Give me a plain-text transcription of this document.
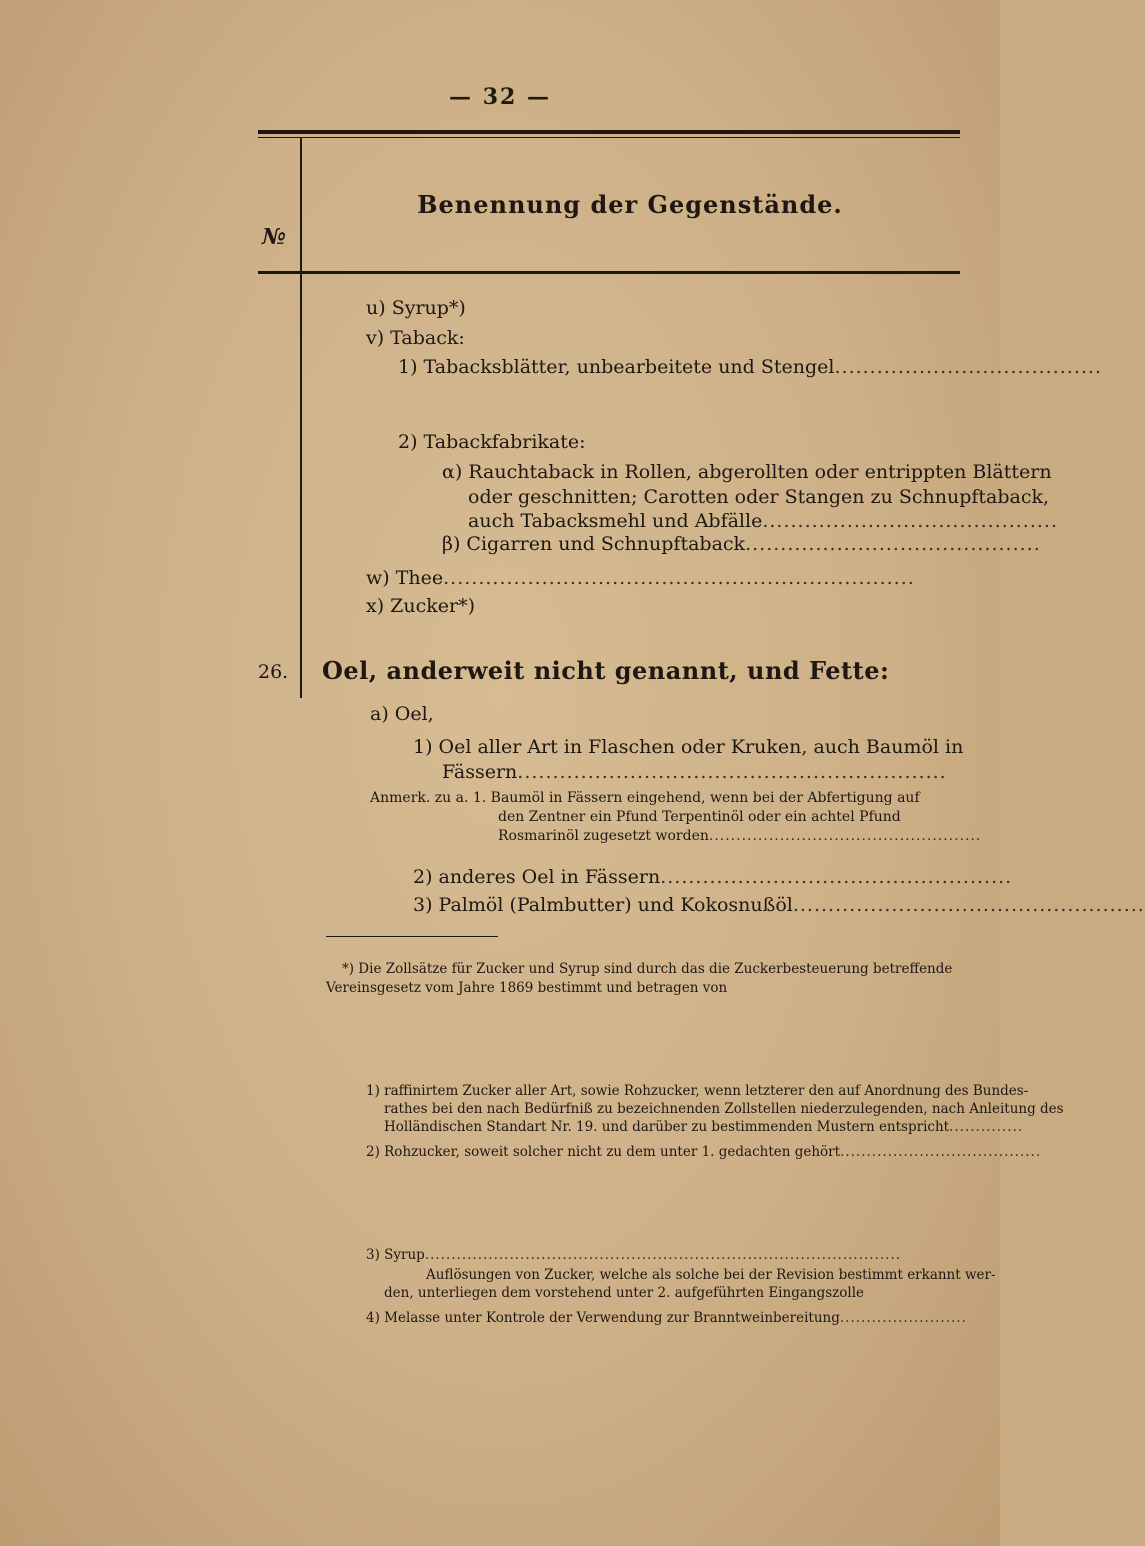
— 32 —
№
Benennung der Gegenstände.
u) Syrup*)
v) Taback:
1) Tabacksblätter, unbearbeitete und Stengel......................................
2) Tabackfabrikate:
α) Rauchtaback in Rollen, abgerollten oder entrippten Blättern
oder geschnitten; Carotten oder Stangen zu Schnupftaback,
auch Tabacksmehl und Abfälle..........................................
β) Cigarren und Schnupftaback..........................................
w) Thee...................................................................
x) Zucker*)
26. Oel, anderweit nicht genannt, und Fette:
a) Oel,
1) Oel aller Art in Flaschen oder Kruken, auch Baumöl in
Fässern.............................................................
Anmerk. zu a. 1. Baumöl in Fässern eingehend, wenn bei der Abfertigung auf
den Zentner ein Pfund Terpentinöl oder ein achtel Pfund
Rosmarinöl zugesetzt worden..................................................
2) anderes Oel in Fässern..................................................
3) Palmöl (Palmbutter) und Kokosnußöl..................................................
*) Die Zollsätze für Zucker und Syrup sind durch das die Zuckerbesteuerung betreffende
Vereinsgesetz vom Jahre 1869 bestimmt und betragen von
1) raffinirtem Zucker aller Art, sowie Rohzucker, wenn letzterer den auf Anordnung des Bundes-
rathes bei den nach Bedürfniß zu bezeichnenden Zollstellen niederzulegenden, nach Anleitung des
Holländischen Standart Nr. 19. und darüber zu bestimmenden Mustern entspricht..............
2) Rohzucker, soweit solcher nicht zu dem unter 1. gedachten gehört......................................
3) Syrup..........................................................................................
Auflösungen von Zucker, welche als solche bei der Revision bestimmt erkannt wer-
den, unterliegen dem vorstehend unter 2. aufgeführten Eingangszolle
4) Melasse unter Kontrole der Verwendung zur Branntweinbereitung........................
